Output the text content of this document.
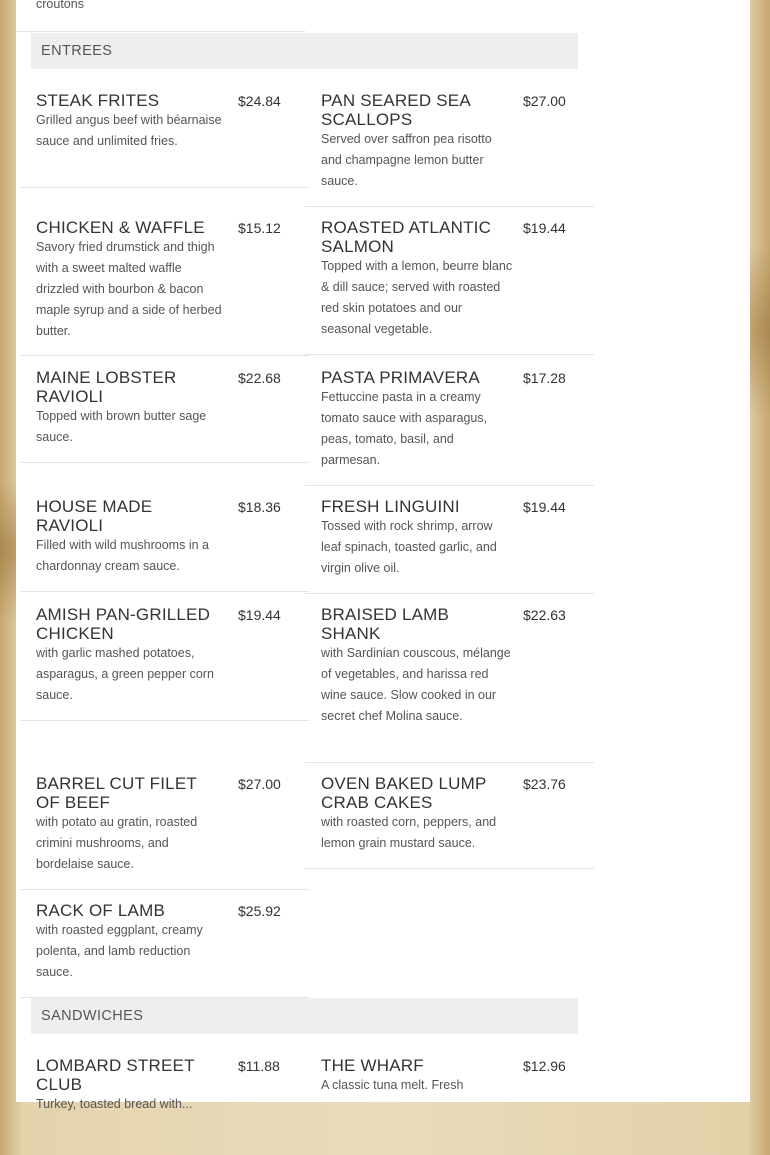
croutons
ENTREES
STEAK FRITES	$24.84
Grilled angus beef with béarnaise sauce and unlimited fries.
PAN SEARED SEA SCALLOPS
$27.00
Served over saffron pea risotto and champagne lemon butter sauce.
CHICKEN & WAFFLE	$15.12
Savory fried drumstick and thigh with a sweet malted waffle drizzled with bourbon & bacon maple syrup and a side of herbed butter.
ROASTED ATLANTIC SALMON
$19.44
Topped with a lemon, beurre blanc & dill sauce; served with roasted red skin potatoes and our seasonal vegetable.
MAINE LOBSTER RAVIOLI
$22.68
Topped with brown butter sage sauce.
PASTA PRIMAVERA	$17.28
Fettuccine pasta in a creamy tomato sauce with asparagus, peas, tomato, basil, and parmesan.
HOUSE MADE RAVIOLI
$18.36
Filled with wild mushrooms in a chardonnay cream sauce.
FRESH LINGUINI	$19.44
Tossed with rock shrimp, arrow leaf spinach, toasted garlic, and virgin olive oil.
AMISH PAN-GRILLED CHICKEN
$19.44
with garlic mashed potatoes, asparagus, a green pepper corn sauce.
BRAISED LAMB SHANK
$22.63
with Sardinian couscous, mélange of vegetables, and harissa red wine sauce. Slow cooked in our secret chef Molina sauce.
BARREL CUT FILET OF BEEF
$27.00
with potato au gratin, roasted crimini mushrooms, and bordelaise sauce.
OVEN BAKED LUMP CRAB CAKES
$23.76
with roasted corn, peppers, and lemon grain mustard sauce.
RACK OF LAMB	$25.92
with roasted eggplant, creamy polenta, and lamb reduction sauce.
SANDWICHES
LOMBARD STREET CLUB
$11.88
Turkey, toasted bread with...
THE WHARF	$12.96
A classic tuna melt. Fresh
